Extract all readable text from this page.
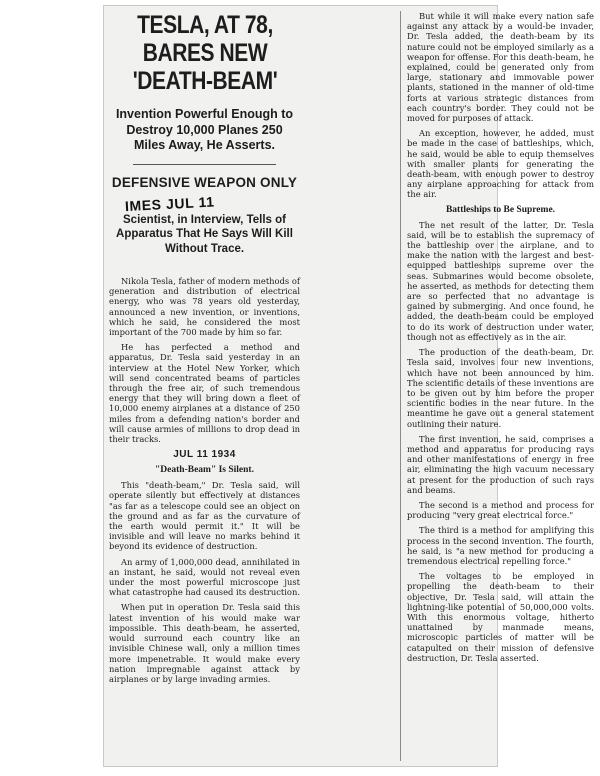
TESLA, AT 78, BARES NEW 'DEATH-BEAM'
Invention Powerful Enough to Destroy 10,000 Planes 250 Miles Away, He Asserts.
DEFENSIVE WEAPON ONLY
IMES JUL 11
Scientist, in Interview, Tells of Apparatus That He Says Will Kill Without Trace.

Nikola Tesla, father of modern methods of generation and distribution of electrical energy, who was 78 years old yesterday, announced a new invention, or inventions, which he said, he considered the most important of the 700 made by him so far.

He has perfected a method and apparatus, Dr. Tesla said yesterday in an interview at the Hotel New Yorker, which will send concentrated beams of particles through the free air, of such tremendous energy that they will bring down a fleet of 10,000 enemy airplanes at a distance of 250 miles from a defending nation's border and will cause armies of millions to drop dead in their tracks.

JUL 11 1934
"Death-Beam" Is Silent.

This "death-beam," Dr. Tesla said, will operate silently but effectively at distances "as far as a telescope could see an object on the ground and as far as the curvature of the earth would permit it." It will be invisible and will leave no marks behind it beyond its evidence of destruction.

An army of 1,000,000 dead, annihilated in an instant, he said, would not reveal even under the most powerful microscope just what catastrophe had caused its destruction.

When put in operation Dr. Tesla said this latest invention of his would make war impossible. This death-beam, he asserted, would surround each country like an invisible Chinese wall, only a million times more impenetrable. It would make every nation impregnable against attack by airplanes or by large invading armies.

But while it will make every nation safe against any attack by a would-be invader, Dr. Tesla added, the death-beam by its nature could not be employed similarly as a weapon for offense. For this death-beam, he explained, could be generated only from large, stationary and immovable power plants, stationed in the manner of old-time forts at various strategic distances from each country's border. They could not be moved for purposes of attack.

An exception, however, he added, must be made in the case of battleships, which, he said, would be able to equip themselves with smaller plants for generating the death-beam, with enough power to destroy any airplane approaching for attack from the air.

Battleships to Be Supreme.

The net result of the latter, Dr. Tesla said, will be to establish the supremacy of the battleship over the airplane, and to make the nation with the largest and best-equipped battleships supreme over the seas. Submarines would become obsolete, he asserted, as methods for detecting them are so perfected that no advantage is gained by submerging. And once found, he added, the death-beam could be employed to do its work of destruction under water, though not as effectively as in the air.

The production of the death-beam, Dr. Tesla said, involves four new inventions, which have not been announced by him. The scientific details of these inventions are to be given out by him before the proper scientific bodies in the near future. In the meantime he gave out a general statement outlining their nature.

The first invention, he said, comprises a method and apparatus for producing rays and other manifestations of energy in free air, eliminating the high vacuum necessary at present for the production of such rays and beams.

The second is a method and process for producing "very great electrical force."

The third is a method for amplifying this process in the second invention. The fourth, he said, is "a new method for producing a tremendous electrical repelling force."

The voltages to be employed in propelling the death-beam to their objective, Dr. Tesla said, will attain the lightning-like potential of 50,000,000 volts. With this enormous voltage, hitherto unattained by manmade means, microscopic particles of matter will be catapulted on their mission of defensive destruction, Dr. Tesla asserted.
